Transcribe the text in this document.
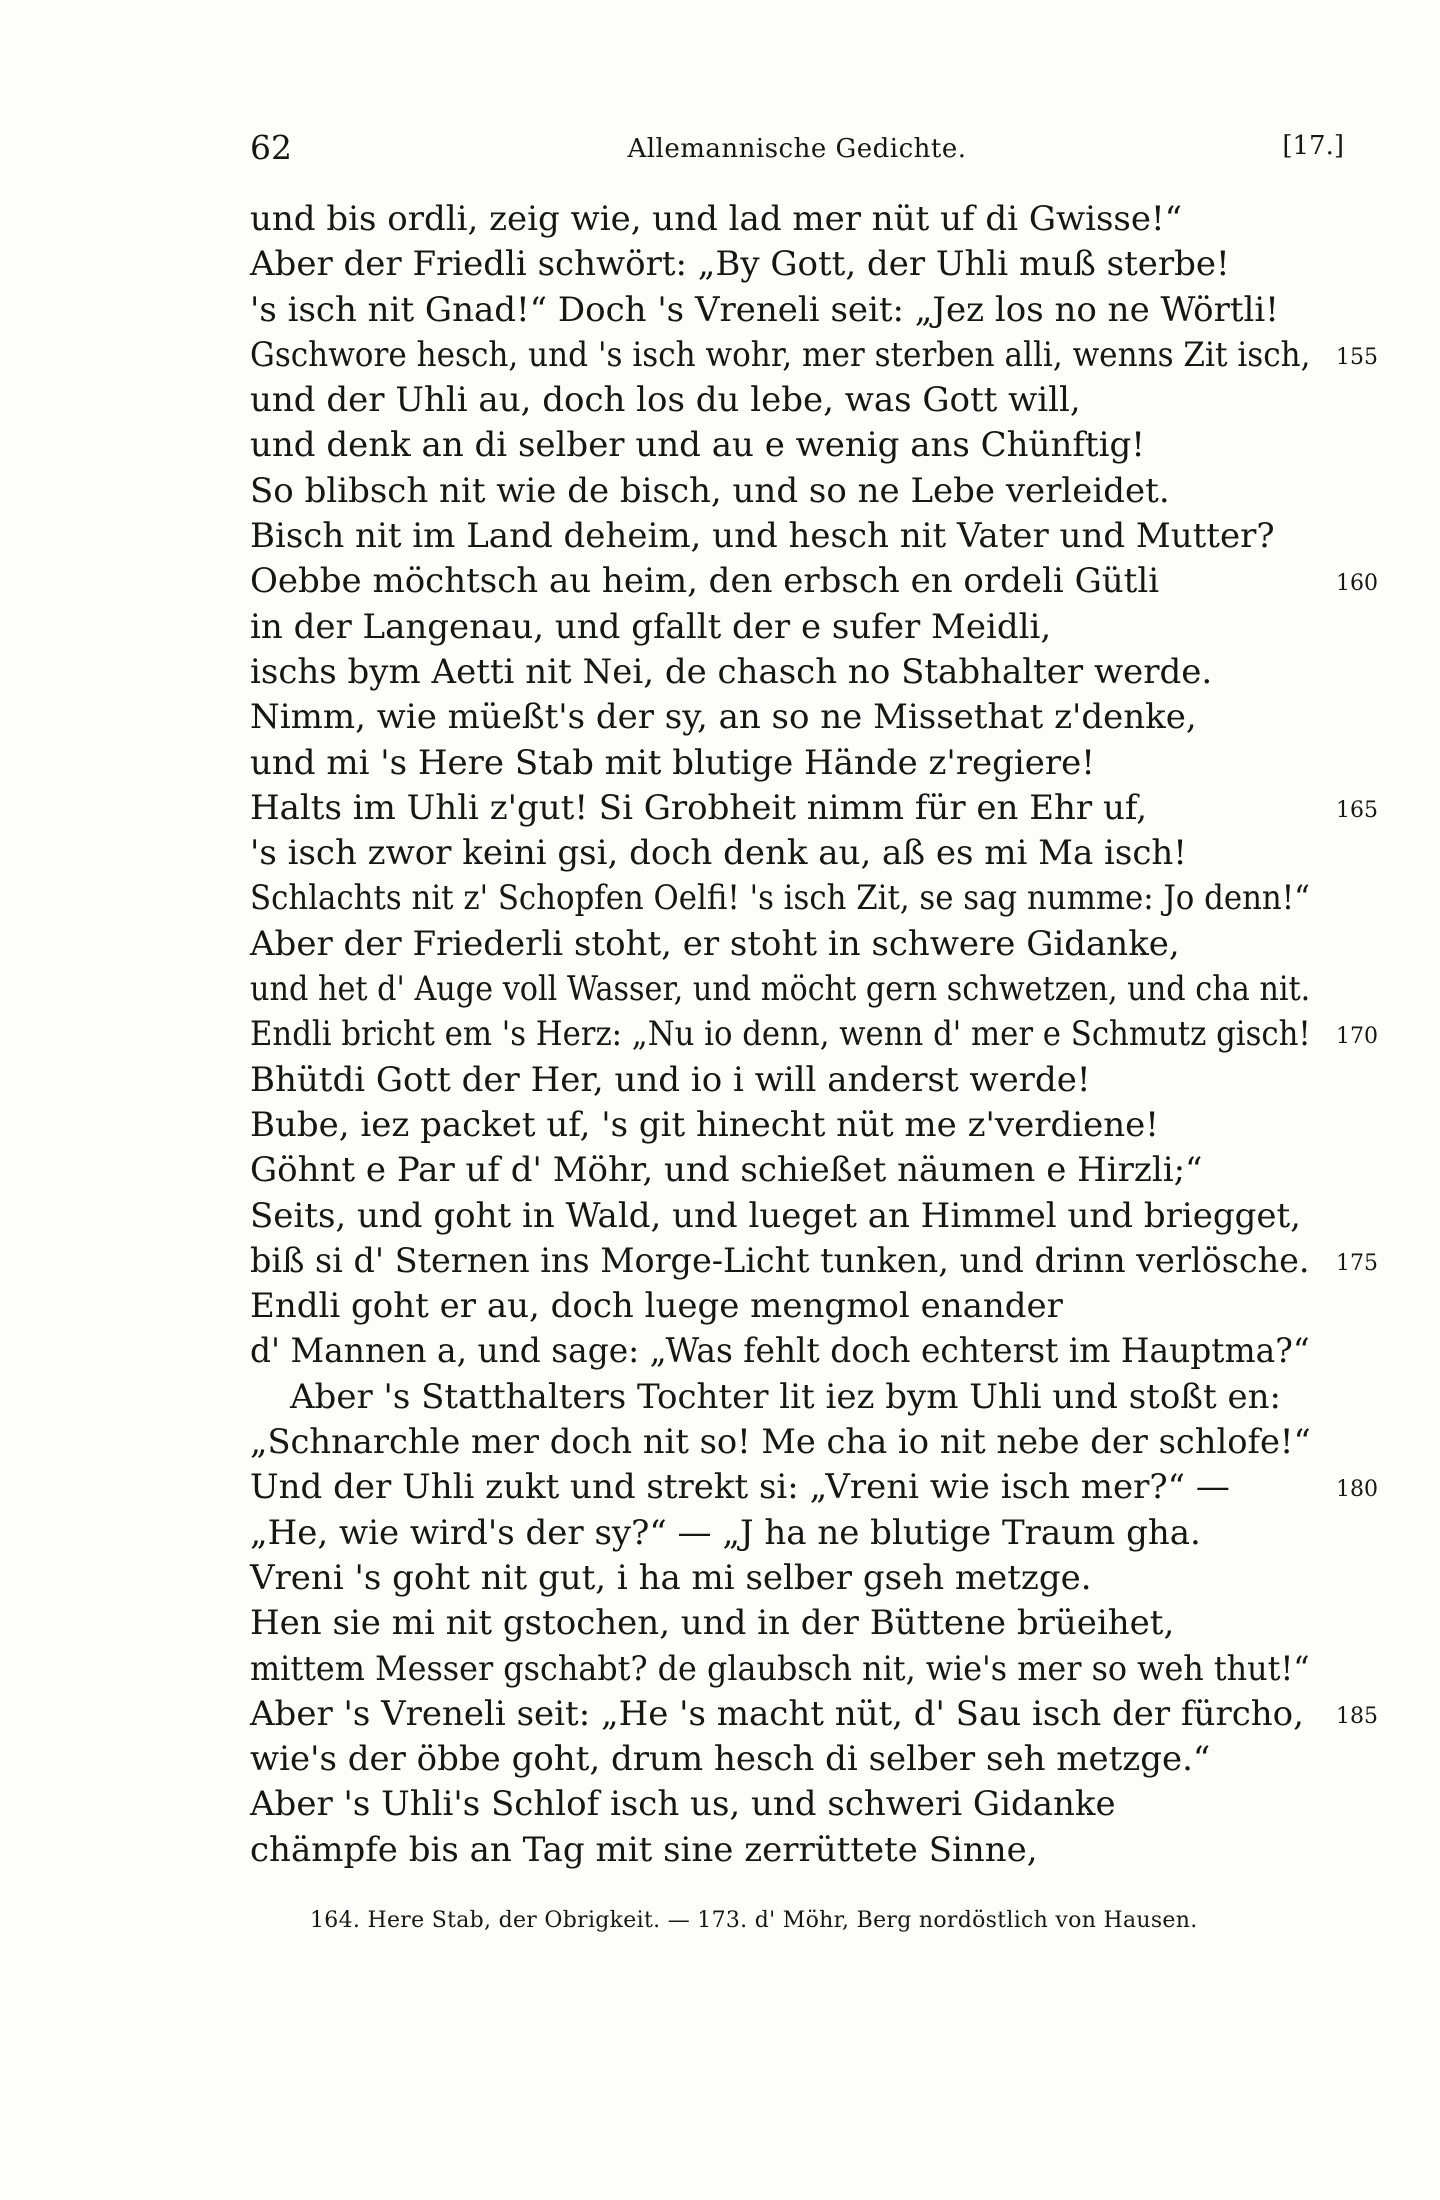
62	Allemannische Gedichte.	[17.]
und bis ordli, zeig wie, und lad mer nüt uf di Gwisse!“
Aber der Friedli schwört: „By Gott, der Uhli muß sterbe!
's isch nit Gnad!“ Doch 's Vreneli seit: „Jez los no ne Wörtli!
Gschwore hesch, und 's isch wohr, mer sterben alli, wenns Zit isch, 155
und der Uhli au, doch los du lebe, was Gott will,
und denk an di selber und au e wenig ans Chünftig!
So blibsch nit wie de bisch, und so ne Lebe verleidet.
Bisch nit im Land deheim, und hesch nit Vater und Mutter?
Oebbe möchtsch au heim, den erbsch en ordeli Gütli	160
in der Langenau, und gfallt der e sufer Meidli,
ischs bym Aetti nit Nei, de chasch no Stabhalter werde.
Nimm, wie müeßt's der sy, an so ne Missethat z'denke,
und mi 's Here Stab mit blutige Hände z'regiere!
Halts im Uhli z'gut! Si Grobheit nimm für en Ehr uf,	165
's isch zwor keini gsi, doch denk au, aß es mi Ma isch!
Schlachts nit z' Schopfen Oelfi! 's isch Zit, se sag numme: Jo denn!“
Aber der Friederli stoht, er stoht in schwere Gidanke,
und het d' Auge voll Wasser, und möcht gern schwetzen, und cha nit.
Endli bricht em 's Herz: „Nu io denn, wenn d' mer e Schmutz gisch! 170
Bhütdi Gott der Her, und io i will anderst werde!
Bube, iez packet uf, 's git hinecht nüt me z'verdiene!
Göhnt e Par uf d' Möhr, und schießet näumen e Hirzli;“
Seits, und goht in Wald, und lueget an Himmel und briegget,
biß si d' Sternen ins Morge-Licht tunken, und drinn verlösche. 175
Endli goht er au, doch luege mengmol enander
d' Mannen a, und sage: „Was fehlt doch echterst im Hauptma?“
Aber 's Statthalters Tochter lit iez bym Uhli und stoßt en:
„Schnarchle mer doch nit so! Me cha io nit nebe der schlofe!“
Und der Uhli zukt und strekt si: „Vreni wie isch mer?“ —	180
„He, wie wird's der sy?“ — „J ha ne blutige Traum gha.
Vreni 's goht nit gut, i ha mi selber gseh metzge.
Hen sie mi nit gstochen, und in der Büttene brüeihet,
mittem Messer gschabt? de glaubsch nit, wie's mer so weh thut!“
Aber 's Vreneli seit: „He 's macht nüt, d' Sau isch der fürcho, 185
wie's der öbbe goht, drum hesch di selber seh metzge.“
Aber 's Uhli's Schlof isch us, und schweri Gidanke
chämpfe bis an Tag mit sine zerrüttete Sinne,
164. Here Stab, der Obrigkeit. — 173. d' Möhr, Berg nordöstlich von Hausen.
